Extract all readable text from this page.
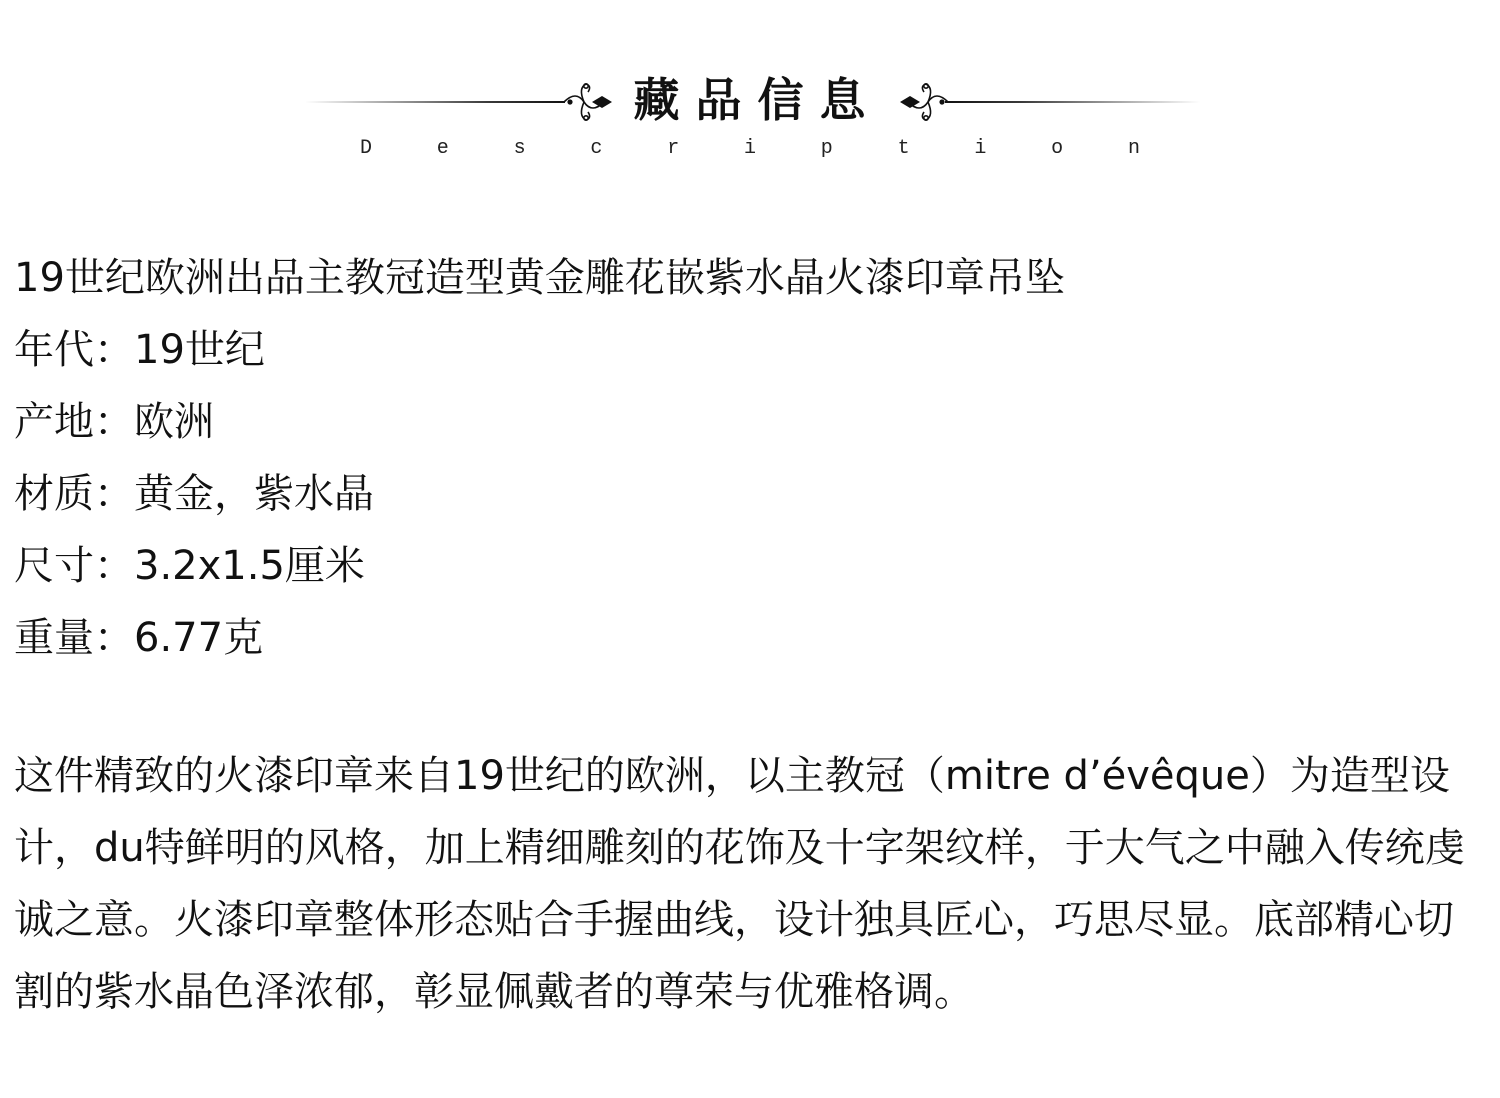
藏品信息
D	e	s	c	r	i	p	t	i	o	n
19世纪欧洲出品主教冠造型黄金雕花嵌紫水晶火漆印章吊坠
年代：19世纪
产地：欧洲
材质：黄金，紫水晶
尺寸：3.2x1.5厘米
重量：6.77克

这件精致的火漆印章来自19世纪的欧洲，以主教冠（mitre d’évêque）为造型设计，du特鲜明的风格，加上精细雕刻的花饰及十字架纹样，于大气之中融入传统虔诚之意。火漆印章整体形态贴合手握曲线，设计独具匠心，巧思尽显。底部精心切割的紫水晶色泽浓郁，彰显佩戴者的尊荣与优雅格调。
